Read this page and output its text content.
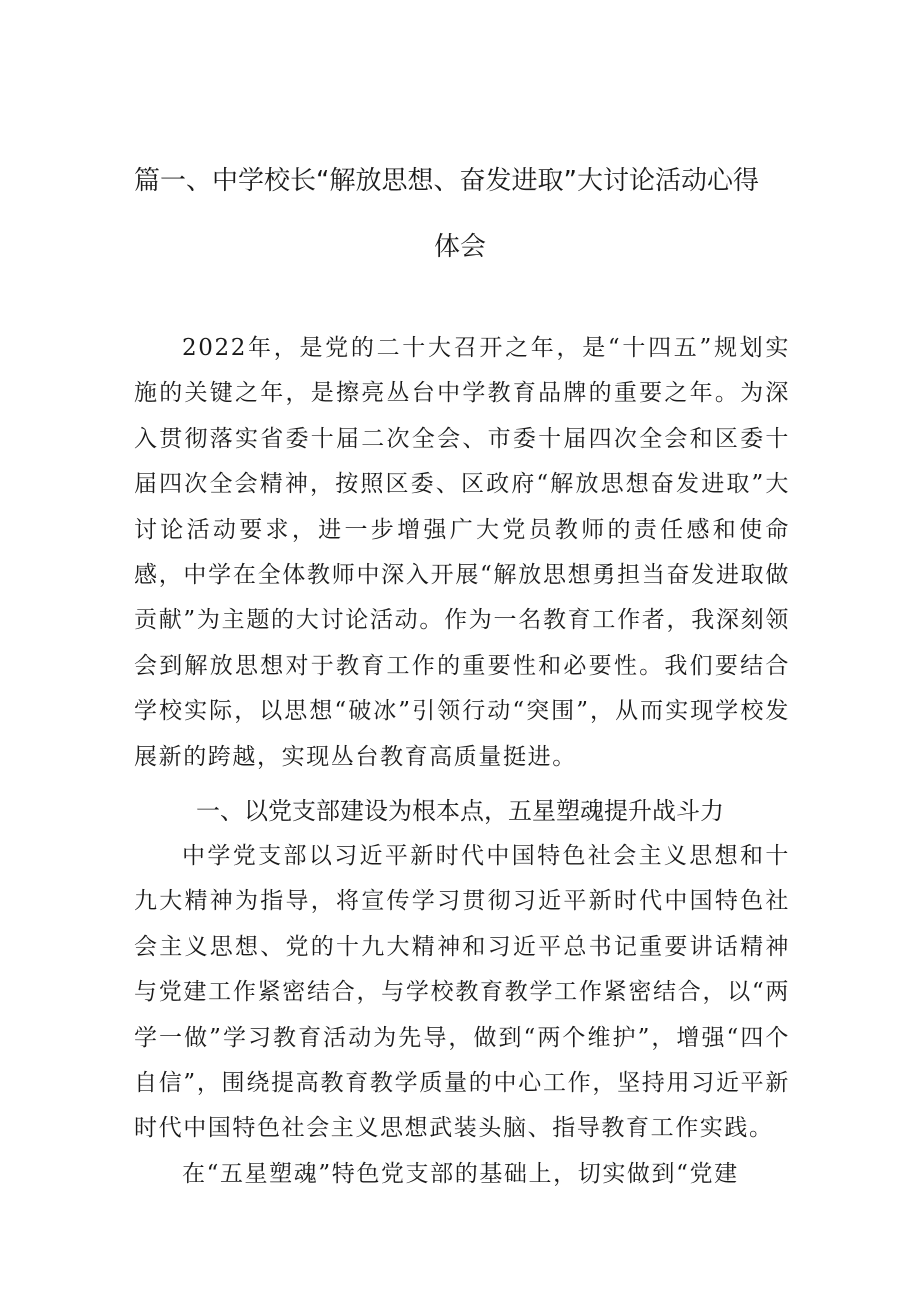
篇一、中学校长“解放思想、奋发进取”大讨论活动心得
体会

2022年，是党的二十大召开之年，是“十四五”规划实施的关键之年，是擦亮丛台中学教育品牌的重要之年。为深入贯彻落实省委十届二次全会、市委十届四次全会和区委十届四次全会精神，按照区委、区政府“解放思想奋发进取”大讨论活动要求，进一步增强广大党员教师的责任感和使命感，中学在全体教师中深入开展“解放思想勇担当奋发进取做贡献”为主题的大讨论活动。作为一名教育工作者，我深刻领会到解放思想对于教育工作的重要性和必要性。我们要结合学校实际，以思想“破冰”引领行动“突围”，从而实现学校发展新的跨越，实现丛台教育高质量挺进。

一、以党支部建设为根本点，五星塑魂提升战斗力

中学党支部以习近平新时代中国特色社会主义思想和十九大精神为指导，将宣传学习贯彻习近平新时代中国特色社会主义思想、党的十九大精神和习近平总书记重要讲话精神与党建工作紧密结合，与学校教育教学工作紧密结合，以“两学一做”学习教育活动为先导，做到“两个维护”，增强“四个自信”，围绕提高教育教学质量的中心工作，坚持用习近平新时代中国特色社会主义思想武装头脑、指导教育工作实践。

在“五星塑魂”特色党支部的基础上，切实做到“党建
